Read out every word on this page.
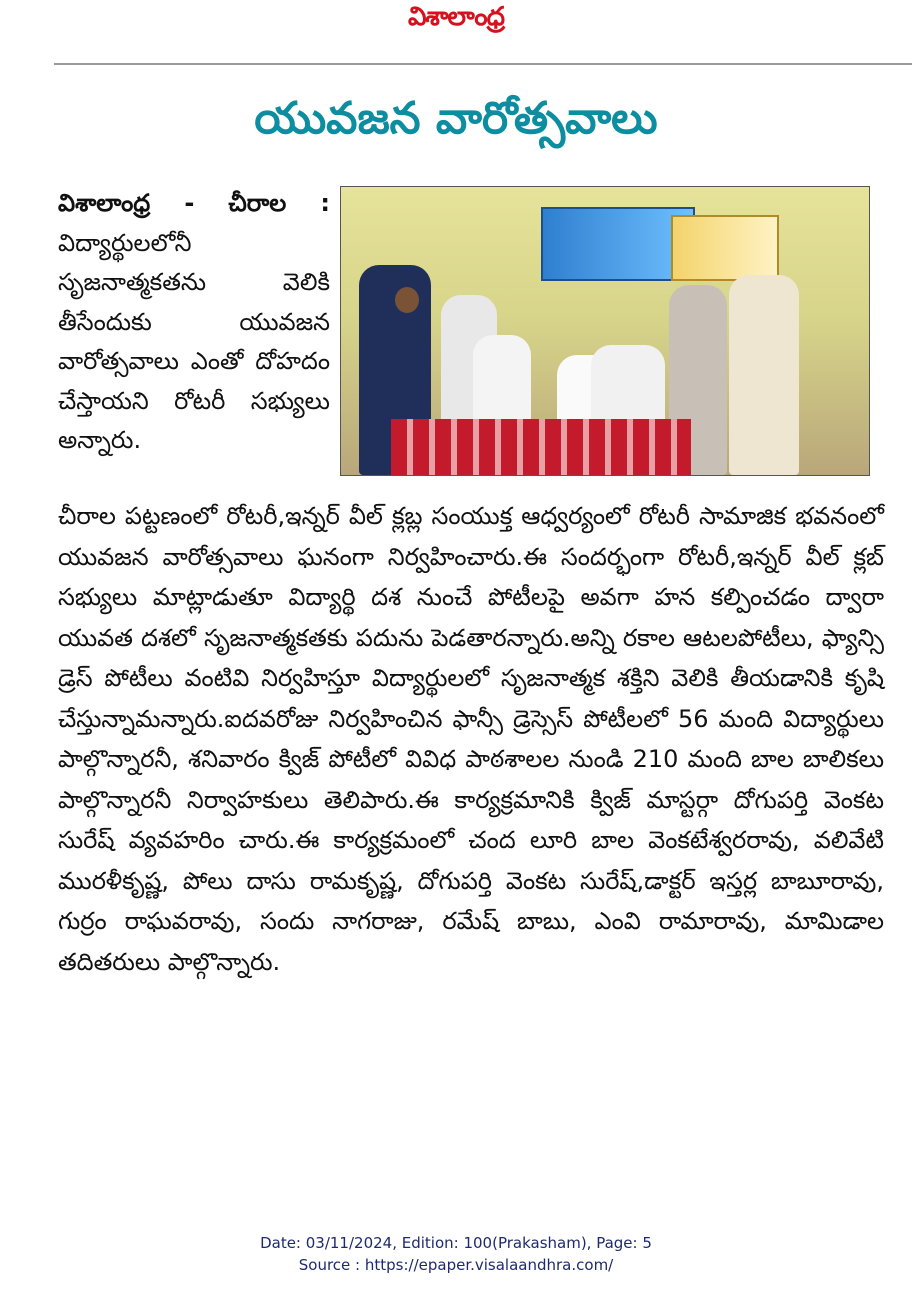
విశాలాంధ్ర
యువజన వారోత్సవాలు
విశాలాంధ్ర - చీరాల : విద్యార్థులలోనీ సృజనాత్మకతను వెలికి తీసేందుకు యువజన వారోత్సవాలు ఎంతో దోహదం చేస్తాయని రోటరీ సభ్యులు అన్నారు.
చీరాల పట్టణంలో రోటరీ,ఇన్నర్ వీల్ క్లబ్ల సంయుక్త ఆధ్వర్యంలో రోటరీ సామాజిక భవనంలో యువజన వారోత్సవాలు ఘనంగా నిర్వహించారు.ఈ సందర్భంగా రోటరీ,ఇన్నర్ వీల్ క్లబ్ సభ్యులు మాట్లాడుతూ విద్యార్థి దశ నుంచే పోటీలపై అవగా హన కల్పించడం ద్వారా యువత దశలో సృజనాత్మకతకు పదును పెడతారన్నారు.అన్ని రకాల ఆటలపోటీలు, ఫ్యాన్సి డ్రెస్ పోటీలు వంటివి నిర్వహిస్తూ విద్యార్థులలో సృజనాత్మక శక్తిని వెలికి తీయడానికి కృషి చేస్తున్నామన్నారు.ఐదవరోజు నిర్వహించిన ఫాన్సీ డ్రెస్సెస్ పోటీలలో 56 మంది విద్యార్థులు పాల్గొన్నారనీ, శనివారం క్విజ్ పోటీలో వివిధ పాఠశాలల నుండి 210 మంది బాల బాలికలు పాల్గొన్నారనీ నిర్వాహకులు తెలిపారు.ఈ కార్యక్రమానికి క్విజ్ మాస్టర్గా దోగుపర్తి వెంకట సురేష్ వ్యవహరిం చారు.ఈ కార్యక్రమంలో చంద లూరి బాల వెంకటేశ్వరరావు, వలివేటి మురళీకృష్ణ, పోలు దాసు రామకృష్ణ, దోగుపర్తి వెంకట సురేష్,డాక్టర్ ఇస్తర్ల బాబూరావు, గుర్రం రాఘవరావు, సందు నాగరాజు, రమేష్ బాబు, ఎంవి రామారావు, మామిడాల తదితరులు పాల్గొన్నారు.
Date: 03/11/2024, Edition: 100(Prakasham), Page: 5
Source : https://epaper.visalaandhra.com/
